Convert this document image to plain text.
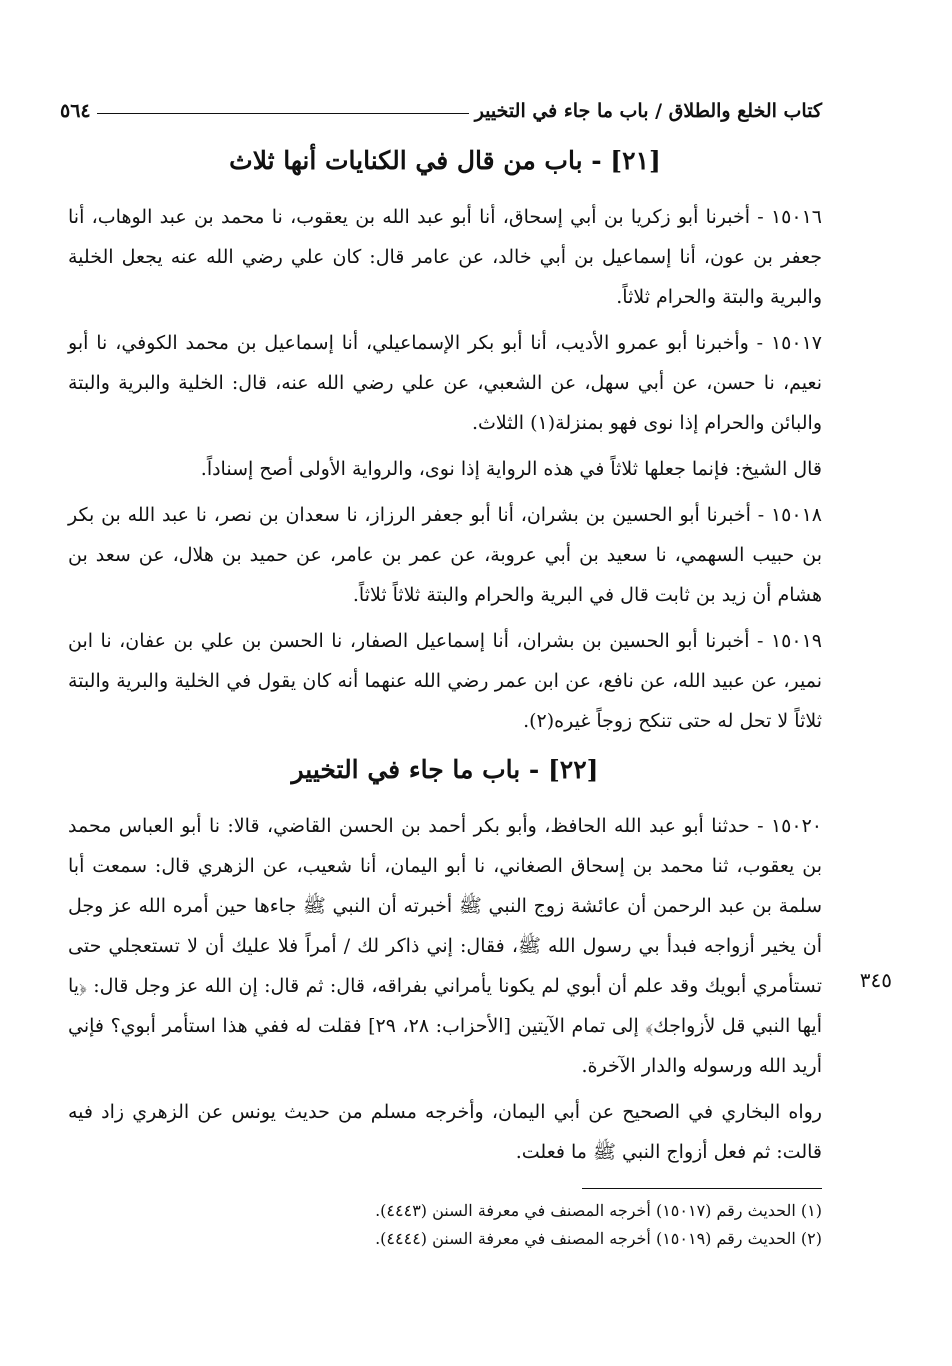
٥٦٤	كتاب الخلع والطلاق / باب ما جاء في التخيير
٣٤٥
[٢١] - باب من قال في الكنايات أنها ثلاث

١٥٠١٦ - أخبرنا أبو زكريا بن أبي إسحاق، أنا أبو عبد الله بن يعقوب، نا محمد بن عبد الوهاب، أنا جعفر بن عون، أنا إسماعيل بن أبي خالد، عن عامر قال: كان علي رضي الله عنه يجعل الخلية والبرية والبتة والحرام ثلاثاً.

١٥٠١٧ - وأخبرنا أبو عمرو الأديب، أنا أبو بكر الإسماعيلي، أنا إسماعيل بن محمد الكوفي، نا أبو نعيم، نا حسن، عن أبي سهل، عن الشعبي، عن علي رضي الله عنه، قال: الخلية والبرية والبتة والبائن والحرام إذا نوى فهو بمنزلة(١) الثلاث.

قال الشيخ: فإنما جعلها ثلاثاً في هذه الرواية إذا نوى، والرواية الأولى أصح إسناداً.

١٥٠١٨ - أخبرنا أبو الحسين بن بشران، أنا أبو جعفر الرزاز، نا سعدان بن نصر، نا عبد الله بن بكر بن حبيب السهمي، نا سعيد بن أبي عروبة، عن عمر بن عامر، عن حميد بن هلال، عن سعد بن هشام أن زيد بن ثابت قال في البرية والحرام والبتة ثلاثاً ثلاثاً.

١٥٠١٩ - أخبرنا أبو الحسين بن بشران، أنا إسماعيل الصفار، نا الحسن بن علي بن عفان، نا ابن نمير، عن عبيد الله، عن نافع، عن ابن عمر رضي الله عنهما أنه كان يقول في الخلية والبرية والبتة ثلاثاً لا تحل له حتى تنكح زوجاً غيره(٢).

[٢٢] - باب ما جاء في التخيير

١٥٠٢٠ - حدثنا أبو عبد الله الحافظ، وأبو بكر أحمد بن الحسن القاضي، قالا: نا أبو العباس محمد بن يعقوب، ثنا محمد بن إسحاق الصغاني، نا أبو اليمان، أنا شعيب، عن الزهري قال: سمعت أبا سلمة بن عبد الرحمن أن عائشة زوج النبي ﷺ أخبرته أن النبي ﷺ جاءها حين أمره الله عز وجل أن يخير أزواجه فبدأ بي رسول الله ﷺ، فقال: إني ذاكر لك / أمراً فلا عليك أن لا تستعجلي حتى تستأمري أبويك وقد علم أن أبوي لم يكونا يأمراني بفراقه، قال: ثم قال: إن الله عز وجل قال: ﴿يا أيها النبي قل لأزواجك﴾ إلى تمام الآيتين [الأحزاب: ٢٨، ٢٩] فقلت له ففي هذا استأمر أبوي؟ فإني أريد الله ورسوله والدار الآخرة.

رواه البخاري في الصحيح عن أبي اليمان، وأخرجه مسلم من حديث يونس عن الزهري زاد فيه قالت: ثم فعل أزواج النبي ﷺ ما فعلت.

(١) الحديث رقم (١٥٠١٧) أخرجه المصنف في معرفة السنن (٤٤٤٣).

(٢) الحديث رقم (١٥٠١٩) أخرجه المصنف في معرفة السنن (٤٤٤٤).
